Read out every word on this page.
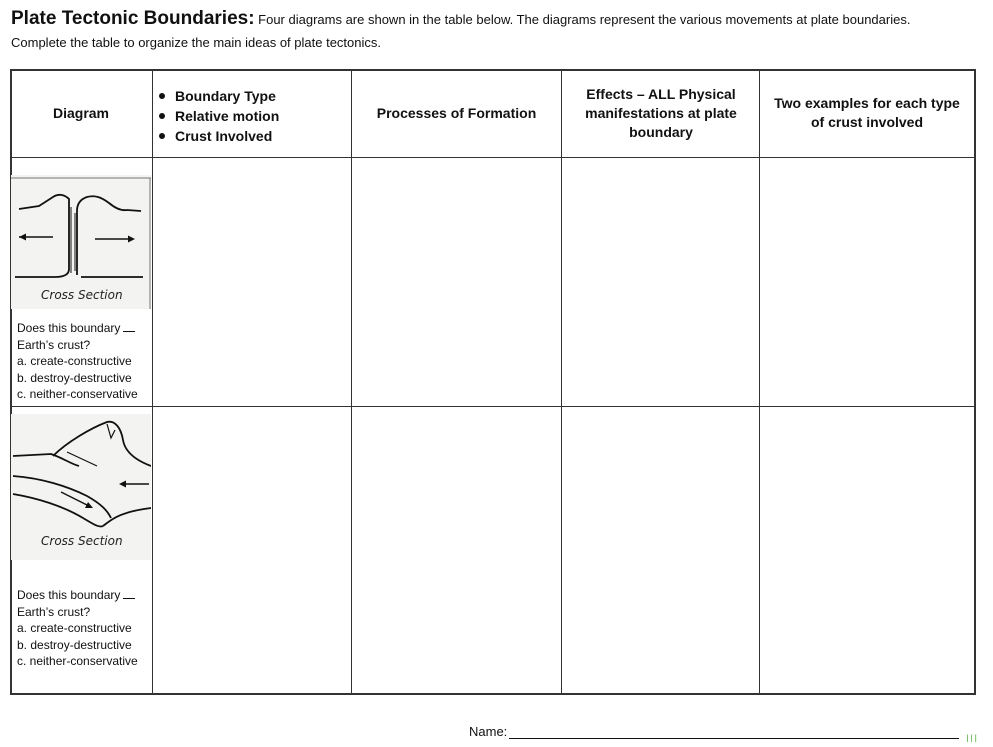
Plate Tectonic Boundaries: Four diagrams are shown in the table below. The diagrams represent the various movements at plate boundaries.
Complete the table to organize the main ideas of plate tectonics.
Diagram
Boundary Type
Relative motion
Crust Involved
Processes of Formation
Effects – ALL Physical manifestations at plate boundary
Two examples for each type of crust involved
Cross Section
Does this boundary
Earth’s crust?
a. create-constructive
b. destroy-destructive
c. neither-conservative
Cross Section
Does this boundary
Earth’s crust?
a. create-constructive
b. destroy-destructive
c. neither-conservative
Name:	III
